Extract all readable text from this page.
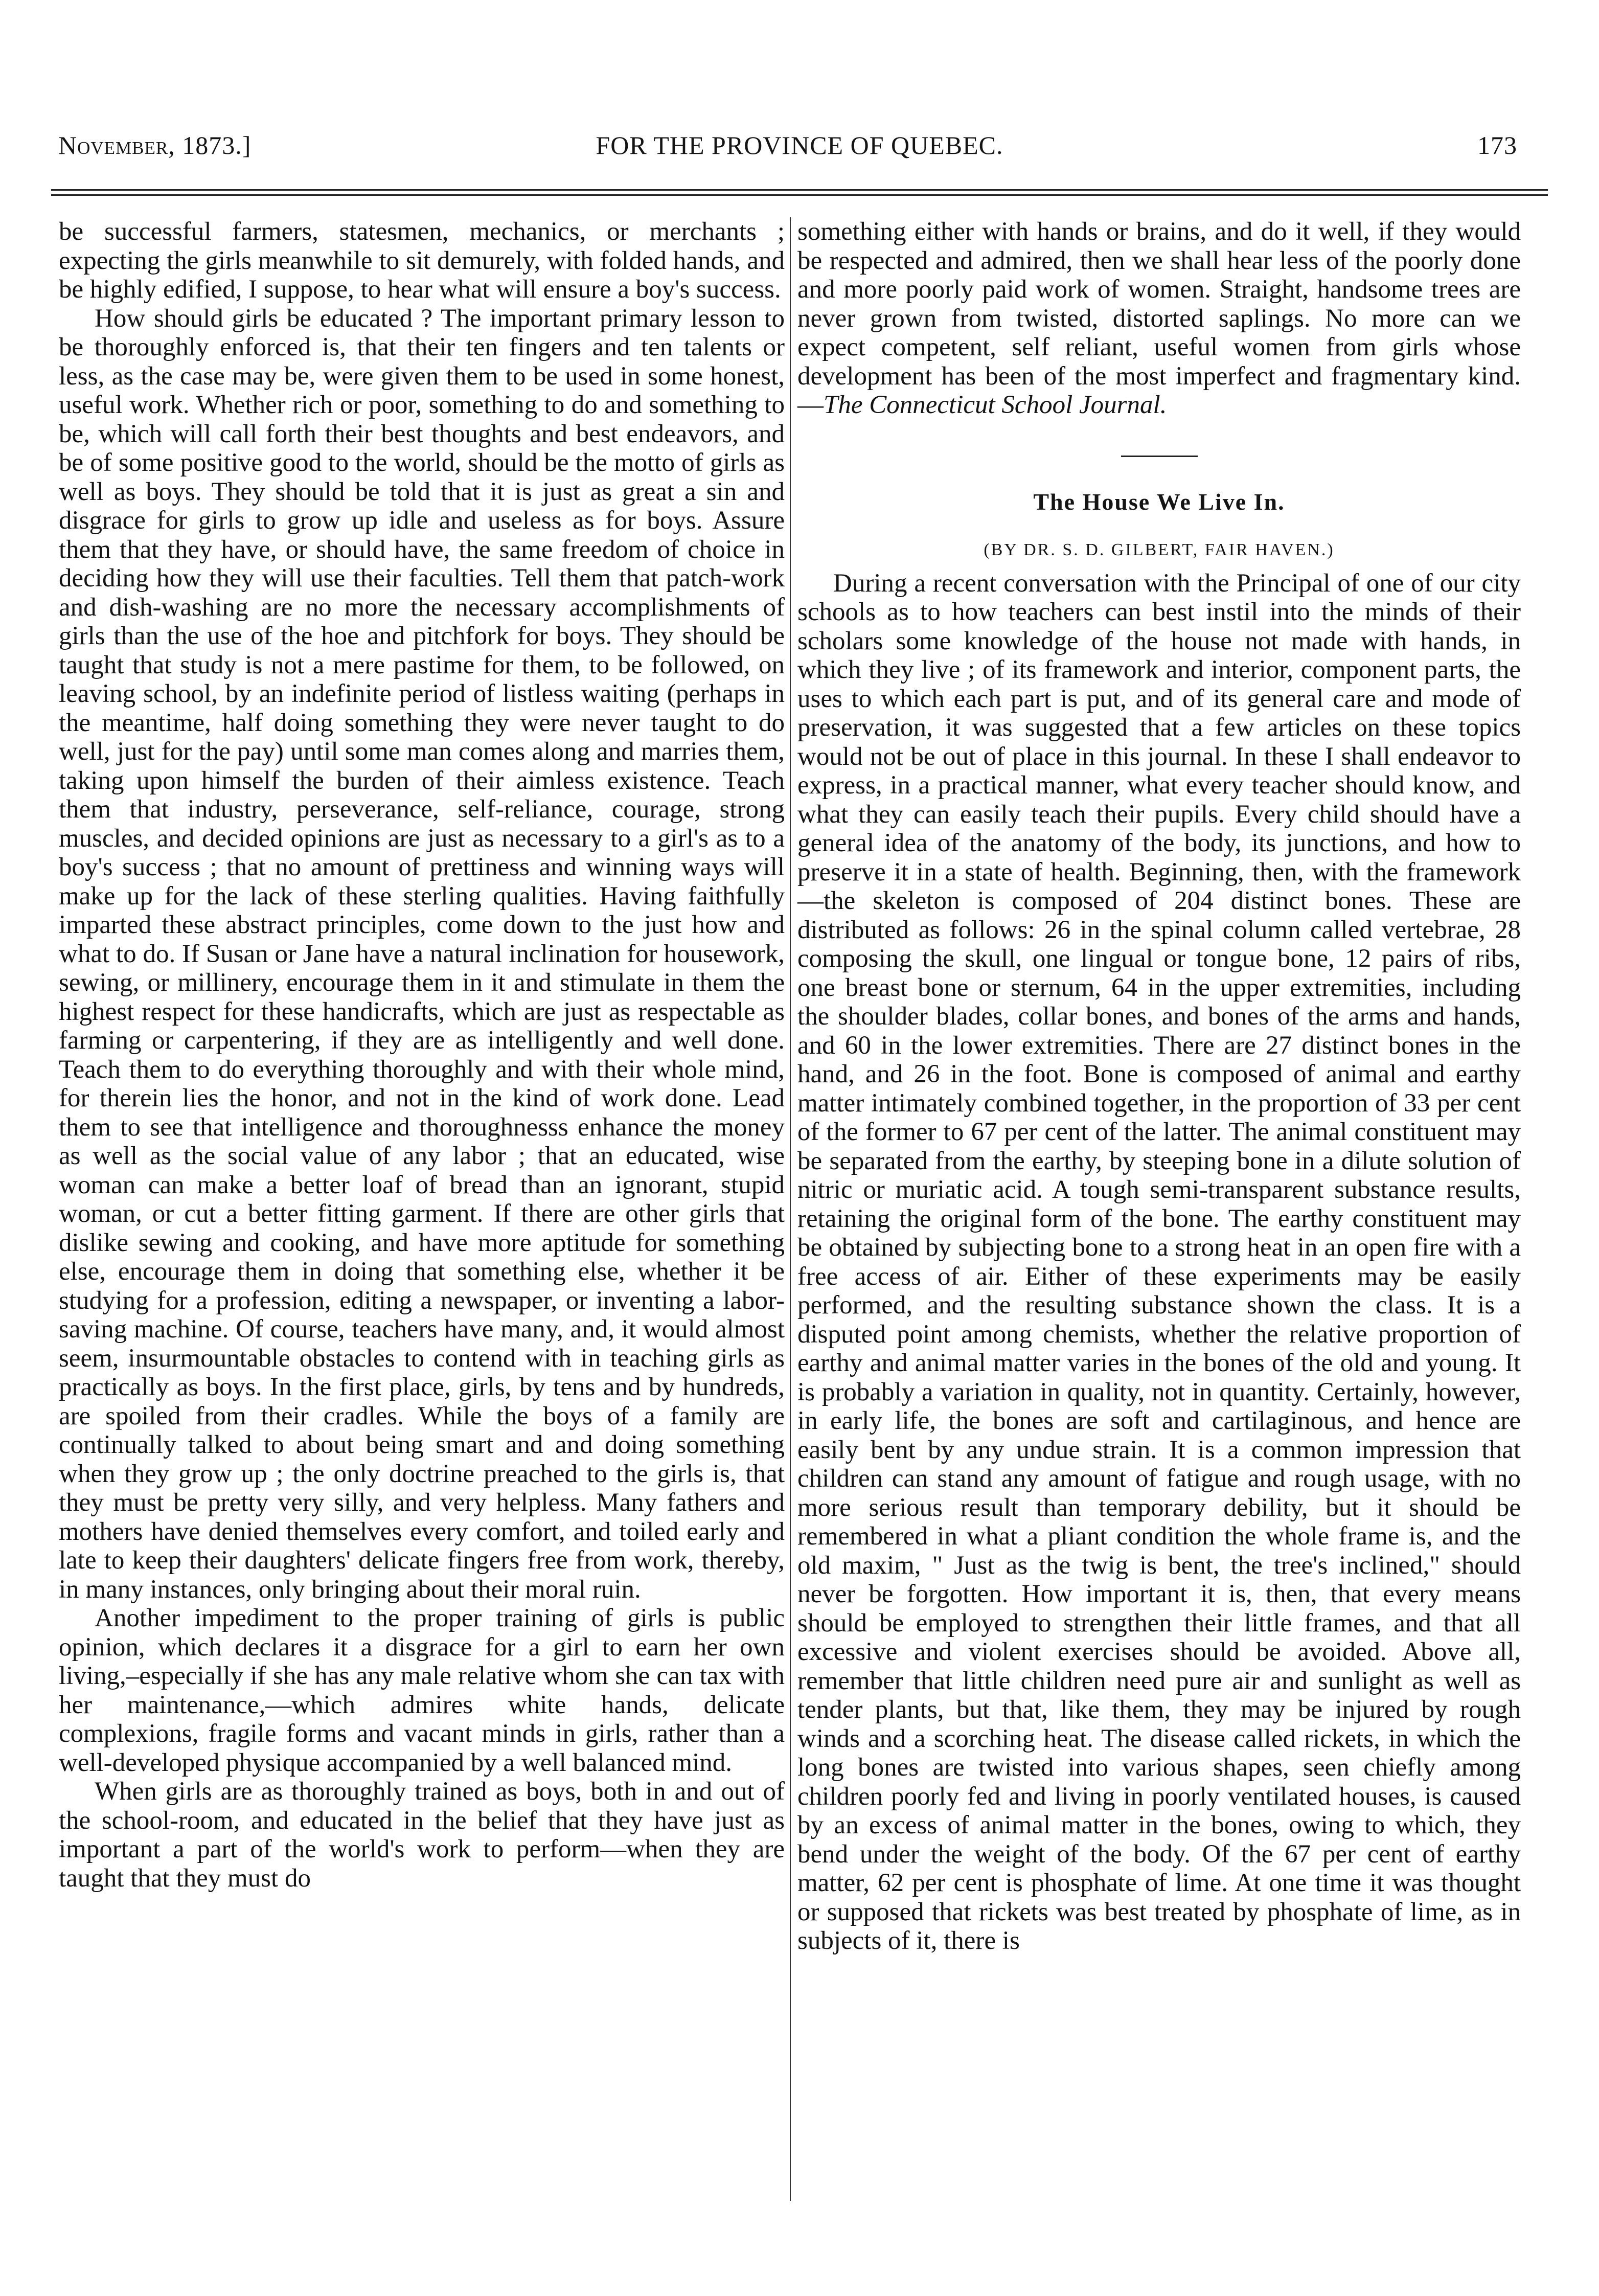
November, 1873.]	FOR THE PROVINCE OF QUEBEC.	173

be successful farmers, statesmen, mechanics, or merchants ; expecting the girls meanwhile to sit demurely, with folded hands, and be highly edified, I suppose, to hear what will ensure a boy's success.

How should girls be educated ? The important primary lesson to be thoroughly enforced is, that their ten fingers and ten talents or less, as the case may be, were given them to be used in some honest, useful work. Whether rich or poor, something to do and something to be, which will call forth their best thoughts and best endeavors, and be of some positive good to the world, should be the motto of girls as well as boys. They should be told that it is just as great a sin and disgrace for girls to grow up idle and useless as for boys. Assure them that they have, or should have, the same freedom of choice in deciding how they will use their faculties. Tell them that patch-work and dish-washing are no more the necessary accomplishments of girls than the use of the hoe and pitchfork for boys. They should be taught that study is not a mere pastime for them, to be followed, on leaving school, by an indefinite period of listless waiting (perhaps in the meantime, half doing something they were never taught to do well, just for the pay) until some man comes along and marries them, taking upon himself the burden of their aimless existence. Teach them that industry, perseverance, self-reliance, courage, strong muscles, and decided opinions are just as necessary to a girl's as to a boy's success ; that no amount of prettiness and winning ways will make up for the lack of these sterling qualities. Having faithfully imparted these abstract principles, come down to the just how and what to do. If Susan or Jane have a natural inclination for housework, sewing, or millinery, encourage them in it and stimulate in them the highest respect for these handicrafts, which are just as respectable as farming or carpentering, if they are as intelligently and well done. Teach them to do everything thoroughly and with their whole mind, for therein lies the honor, and not in the kind of work done. Lead them to see that intelligence and thoroughnesss enhance the money as well as the social value of any labor ; that an educated, wise woman can make a better loaf of bread than an ignorant, stupid woman, or cut a better fitting garment. If there are other girls that dislike sewing and cooking, and have more aptitude for something else, encourage them in doing that something else, whether it be studying for a profession, editing a newspaper, or inventing a labor-saving machine. Of course, teachers have many, and, it would almost seem, insurmountable obstacles to contend with in teaching girls as practically as boys. In the first place, girls, by tens and by hundreds, are spoiled from their cradles. While the boys of a family are continually talked to about being smart and and doing something when they grow up ; the only doctrine preached to the girls is, that they must be pretty very silly, and very helpless. Many fathers and mothers have denied themselves every comfort, and toiled early and late to keep their daughters' delicate fingers free from work, thereby, in many instances, only bringing about their moral ruin.

Another impediment to the proper training of girls is public opinion, which declares it a disgrace for a girl to earn her own living,–especially if she has any male relative whom she can tax with her maintenance,—which admires white hands, delicate complexions, fragile forms and vacant minds in girls, rather than a well-developed physique accompanied by a well balanced mind.

When girls are as thoroughly trained as boys, both in and out of the school-room, and educated in the belief that they have just as important a part of the world's work to perform—when they are taught that they must do

something either with hands or brains, and do it well, if they would be respected and admired, then we shall hear less of the poorly done and more poorly paid work of women. Straight, handsome trees are never grown from twisted, distorted saplings. No more can we expect competent, self reliant, useful women from girls whose development has been of the most imperfect and fragmentary kind.—The Connecticut School Journal.

The House We Live In.
(BY DR. S. D. GILBERT, FAIR HAVEN.)

During a recent conversation with the Principal of one of our city schools as to how teachers can best instil into the minds of their scholars some knowledge of the house not made with hands, in which they live ; of its framework and interior, component parts, the uses to which each part is put, and of its general care and mode of preservation, it was suggested that a few articles on these topics would not be out of place in this journal. In these I shall endeavor to express, in a practical manner, what every teacher should know, and what they can easily teach their pupils. Every child should have a general idea of the anatomy of the body, its junctions, and how to preserve it in a state of health. Beginning, then, with the framework—the skeleton is composed of 204 distinct bones. These are distributed as follows: 26 in the spinal column called vertebrae, 28 composing the skull, one lingual or tongue bone, 12 pairs of ribs, one breast bone or sternum, 64 in the upper extremities, including the shoulder blades, collar bones, and bones of the arms and hands, and 60 in the lower extremities. There are 27 distinct bones in the hand, and 26 in the foot. Bone is composed of animal and earthy matter intimately combined together, in the proportion of 33 per cent of the former to 67 per cent of the latter. The animal constituent may be separated from the earthy, by steeping bone in a dilute solution of nitric or muriatic acid. A tough semi-transparent substance results, retaining the original form of the bone. The earthy constituent may be obtained by subjecting bone to a strong heat in an open fire with a free access of air. Either of these experiments may be easily performed, and the resulting substance shown the class. It is a disputed point among chemists, whether the relative proportion of earthy and animal matter varies in the bones of the old and young. It is probably a variation in quality, not in quantity. Certainly, however, in early life, the bones are soft and cartilaginous, and hence are easily bent by any undue strain. It is a common impression that children can stand any amount of fatigue and rough usage, with no more serious result than temporary debility, but it should be remembered in what a pliant condition the whole frame is, and the old maxim, " Just as the twig is bent, the tree's inclined," should never be forgotten. How important it is, then, that every means should be employed to strengthen their little frames, and that all excessive and violent exercises should be avoided. Above all, remember that little children need pure air and sunlight as well as tender plants, but that, like them, they may be injured by rough winds and a scorching heat. The disease called rickets, in which the long bones are twisted into various shapes, seen chiefly among children poorly fed and living in poorly ventilated houses, is caused by an excess of animal matter in the bones, owing to which, they bend under the weight of the body. Of the 67 per cent of earthy matter, 62 per cent is phosphate of lime. At one time it was thought or supposed that rickets was best treated by phosphate of lime, as in subjects of it, there is
